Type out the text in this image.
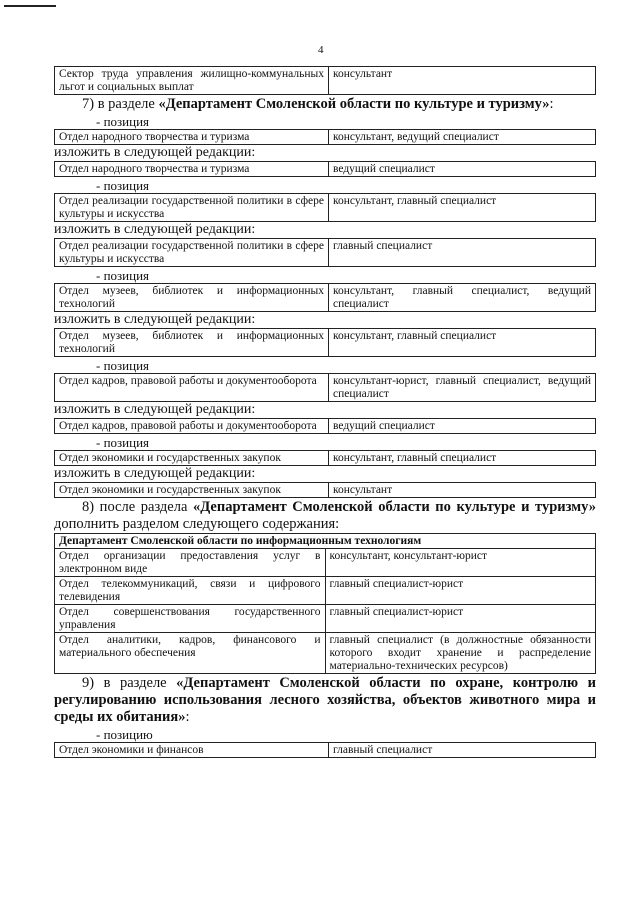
4
Сектор труда управления жилищно-коммунальных льгот и социальных выплат	консультант

7) в разделе «Департамент Смоленской области по культуре и туризму»:

- позиция
Отдел народного творчества и туризма	консультант, ведущий специалист

изложить в следующей редакции:

Отдел народного творчества и туризма	ведущий специалист
- позиция
Отдел реализации государственной политики в сфере культуры и искусства	консультант, главный специалист

изложить в следующей редакции:

Отдел реализации государственной политики в сфере культуры и искусства	главный специалист
- позиция
Отдел музеев, библиотек и информационных технологий	консультант, главный специалист, ведущий специалист

изложить в следующей редакции:

Отдел музеев, библиотек и информационных технологий	консультант, главный специалист
- позиция
Отдел кадров, правовой работы и документооборота	консультант-юрист, главный специалист, ведущий специалист

изложить в следующей редакции:

Отдел кадров, правовой работы и документооборота	ведущий специалист
- позиция
Отдел экономики и государственных закупок	консультант, главный специалист

изложить в следующей редакции:

Отдел экономики и государственных закупок	консультант

8) после раздела «Департамент Смоленской области по культуре и туризму» дополнить разделом следующего содержания:

Департамент Смоленской области по информационным технологиям	
Отдел организации предоставления услуг в электронном виде	консультант, консультант-юрист
Отдел телекоммуникаций, связи и цифрового телевидения	главный специалист-юрист
Отдел совершенствования государственного управления	главный специалист-юрист
Отдел аналитики, кадров, финансового и материального обеспечения	главный специалист (в должностные обязанности которого входит хранение и распределение материально-технических ресурсов)

9) в разделе «Департамент Смоленской области по охране, контролю и регулированию использования лесного хозяйства, объектов животного мира и среды их обитания»:

- позицию
Отдел экономики и финансов	главный специалист
